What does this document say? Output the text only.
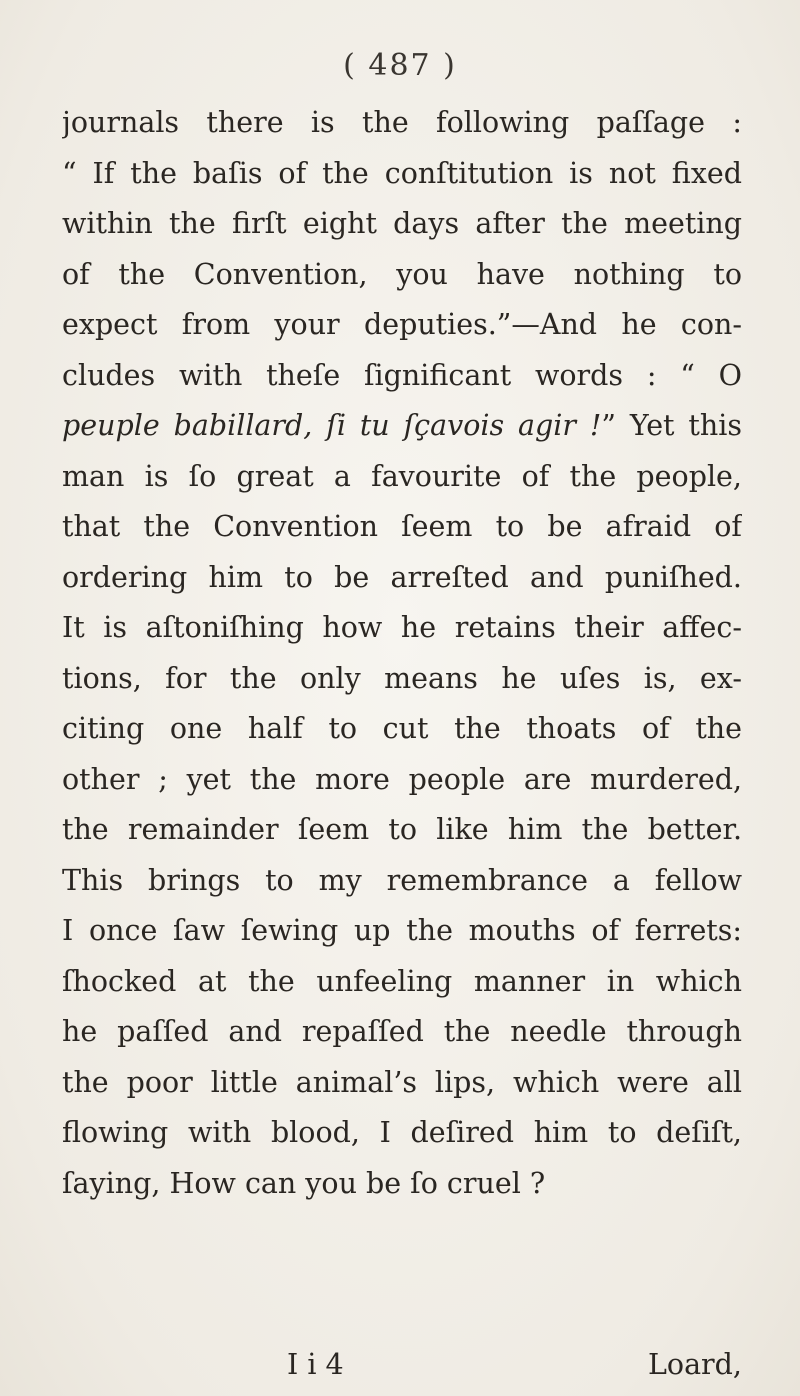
( 487 )
journals there is the following paſſage :
“ If the baſis of the conſtitution is not fixed
within the firſt eight days after the meeting
of the Convention, you have nothing to
expect from your deputies.”—And he con-
cludes with theſe ſignificant words : “ O
peuple babillard, ſi tu ſçavois agir !” Yet this
man is ſo great a favourite of the people,
that the Convention ſeem to be afraid of
ordering him to be arreſted and puniſhed.
It is aſtoniſhing how he retains their affec-
tions, for the only means he uſes is, ex-
citing one half to cut the thoats of the
other ; yet the more people are murdered,
the remainder ſeem to like him the better.
This brings to my remembrance a fellow
I once ſaw ſewing up the mouths of ferrets:
ſhocked at the unfeeling manner in which
he paſſed and repaſſed the needle through
the poor little animal’s lips, which were all
flowing with blood, I deſired him to deſiſt,
ſaying, How can you be ſo cruel ?
I i 4	Loard,
